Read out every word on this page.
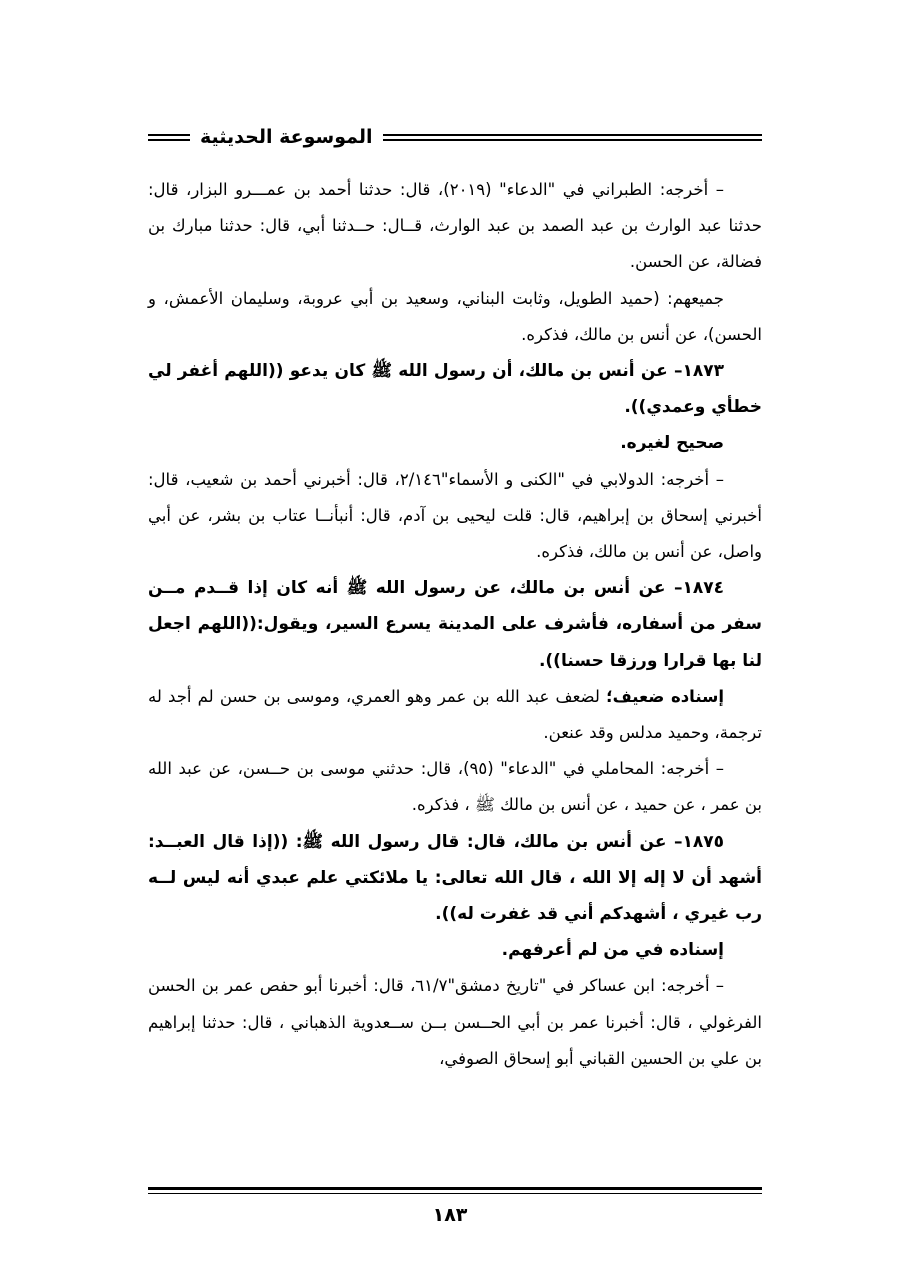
الموسوعة الحديثية

– أخرجه: الطبراني في "الدعاء" (٢٠١٩)، قال: حدثنا أحمد بن عمـــرو البزار، قال: حدثنا عبد الوارث بن عبد الصمد بن عبد الوارث، قــال: حــدثنا أبي، قال: حدثنا مبارك بن فضالة، عن الحسن.

جميعهم: (حميد الطويل، وثابت البناني، وسعيد بن أبي عروبة، وسليمان الأعمش، و الحسن)، عن أنس بن مالك، فذكره.

١٨٧٣– عن أنس بن مالك، أن رسول الله ﷺ كان يدعو ((اللهم أغفر لي خطأي وعمدي)).

صحيح لغيره.

– أخرجه: الدولابي في "الكنى و الأسماء"٢/١٤٦، قال: أخبرني أحمد بن شعيب، قال: أخبرني إسحاق بن إبراهيم، قال: قلت ليحيى بن آدم، قال: أنبأنــا عتاب بن بشر، عن أبي واصل، عن أنس بن مالك، فذكره.

١٨٧٤– عن أنس بن مالك، عن رسول الله ﷺ أنه كان إذا قــدم مــن سفر من أسفاره، فأشرف على المدينة يسرع السير، ويقول:((اللهم اجعل لنا بها قرارا ورزقا حسنا)).

إسناده ضعيف؛ لضعف عبد الله بن عمر وهو العمري، وموسى بن حسن لم أجد له ترجمة، وحميد مدلس وقد عنعن.

– أخرجه: المحاملي في "الدعاء" (٩٥)، قال: حدثني موسى بن حــسن، عن عبد الله بن عمر ، عن حميد ، عن أنس بن مالك ﷺ ، فذكره.

١٨٧٥– عن أنس بن مالك، قال: قال رسول الله ﷺ: ((إذا قال العبــد: أشهد أن لا إله إلا الله ، قال الله تعالى: يا ملائكتي علم عبدي أنه ليس لــه رب غيري ، أشهدكم أني قد غفرت له)).

إسناده في من لم أعرفهم.

– أخرجه: ابن عساكر في "تاريخ دمشق"٦١/٧، قال: أخبرنا أبو حفص عمر بن الحسن الفرغولي ، قال: أخبرنا عمر بن أبي الحــسن بــن ســعدوية الذهباني ، قال: حدثنا إبراهيم بن علي بن الحسين القباني أبو إسحاق الصوفي،

١٨٣
